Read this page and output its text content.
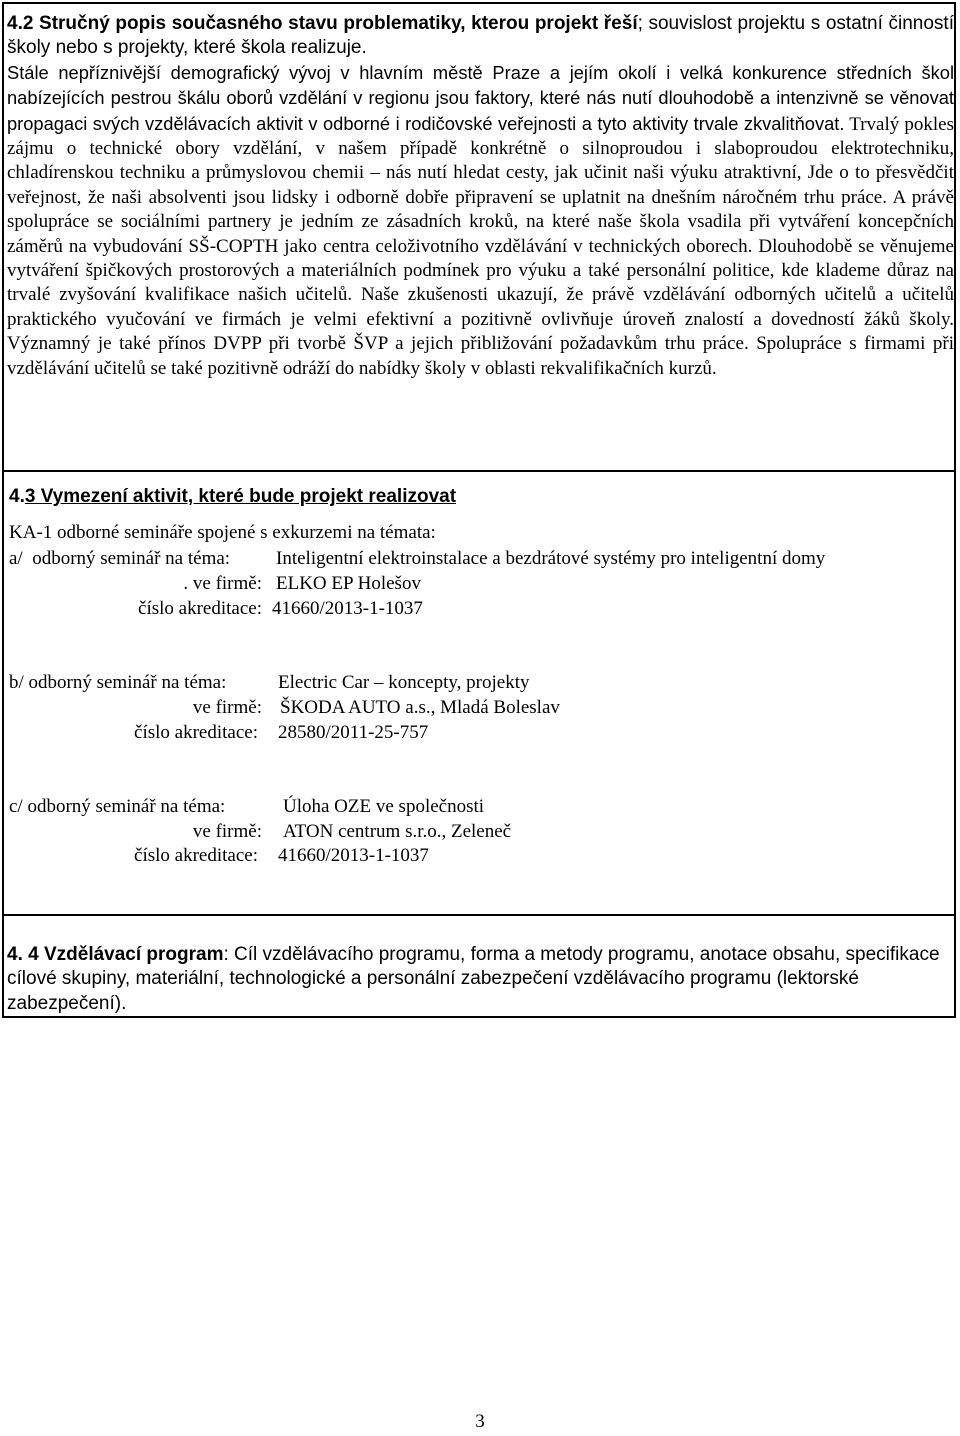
4.2 Stručný popis současného stavu problematiky, kterou projekt řeší; souvislost projektu s ostatní činností školy nebo s projekty, které škola realizuje.
Stále nepříznivější demografický vývoj v hlavním městě Praze a jejím okolí i velká konkurence středních škol nabízejících pestrou škálu oborů vzdělání v regionu jsou faktory, které nás nutí dlouhodobě a intenzivně se věnovat propagaci svých vzdělávacích aktivit v odborné i rodičovské veřejnosti a tyto aktivity trvale zkvalitňovat. Trvalý pokles zájmu o technické obory vzdělání, v našem případě konkrétně o silnoproudou i slaboproudou elektrotechniku, chladírenskou techniku a průmyslovou chemii – nás nutí hledat cesty, jak učinit naši výuku atraktivní, Jde o to přesvědčit veřejnost, že naši absolventi jsou lidsky i odborně dobře připravení se uplatnit na dnešním náročném trhu práce. A právě spolupráce se sociálními partnery je jedním ze zásadních kroků, na které naše škola vsadila při vytváření koncepčních záměrů na vybudování SŠ-COPTH jako centra celoživotního vzdělávání v technických oborech. Dlouhodobě se věnujeme vytváření špičkových prostorových a materiálních podmínek pro výuku a také personální politice, kde klademe důraz na trvalé zvyšování kvalifikace našich učitelů. Naše zkušenosti ukazují, že právě vzdělávání odborných učitelů a učitelů praktického vyučování ve firmách je velmi efektivní a pozitivně ovlivňuje úroveň znalostí a dovedností žáků školy. Významný je také přínos DVPP při tvorbě ŠVP a jejich přibližování požadavkům trhu práce. Spolupráce s firmami při vzdělávání učitelů se také pozitivně odráží do nabídky školy v oblasti rekvalifikačních kurzů.
4.3 Vymezení aktivit, které bude projekt realizovat
KA-1 odborné semináře spojené s exkurzemi na témata:
a/  odborný seminář na téma: Inteligentní elektroinstalace a bezdrátové systémy pro inteligentní domy
. ve firmě: ELKO EP Holešov
číslo akreditace: 41660/2013-1-1037
b/ odborný seminář na téma:	Electric Car – koncepty, projekty
ve firmě: ŠKODA AUTO a.s., Mladá Boleslav
číslo akreditace: 28580/2011-25-757
c/ odborný seminář na téma:	Úloha OZE ve společnosti
ve firmě: ATON centrum s.r.o., Zeleneč
číslo akreditace: 41660/2013-1-1037
4. 4 Vzdělávací program: Cíl vzdělávacího programu, forma a metody programu, anotace obsahu, specifikace cílové skupiny, materiální, technologické a personální zabezpečení vzdělávacího programu (lektorské zabezpečení).
3
